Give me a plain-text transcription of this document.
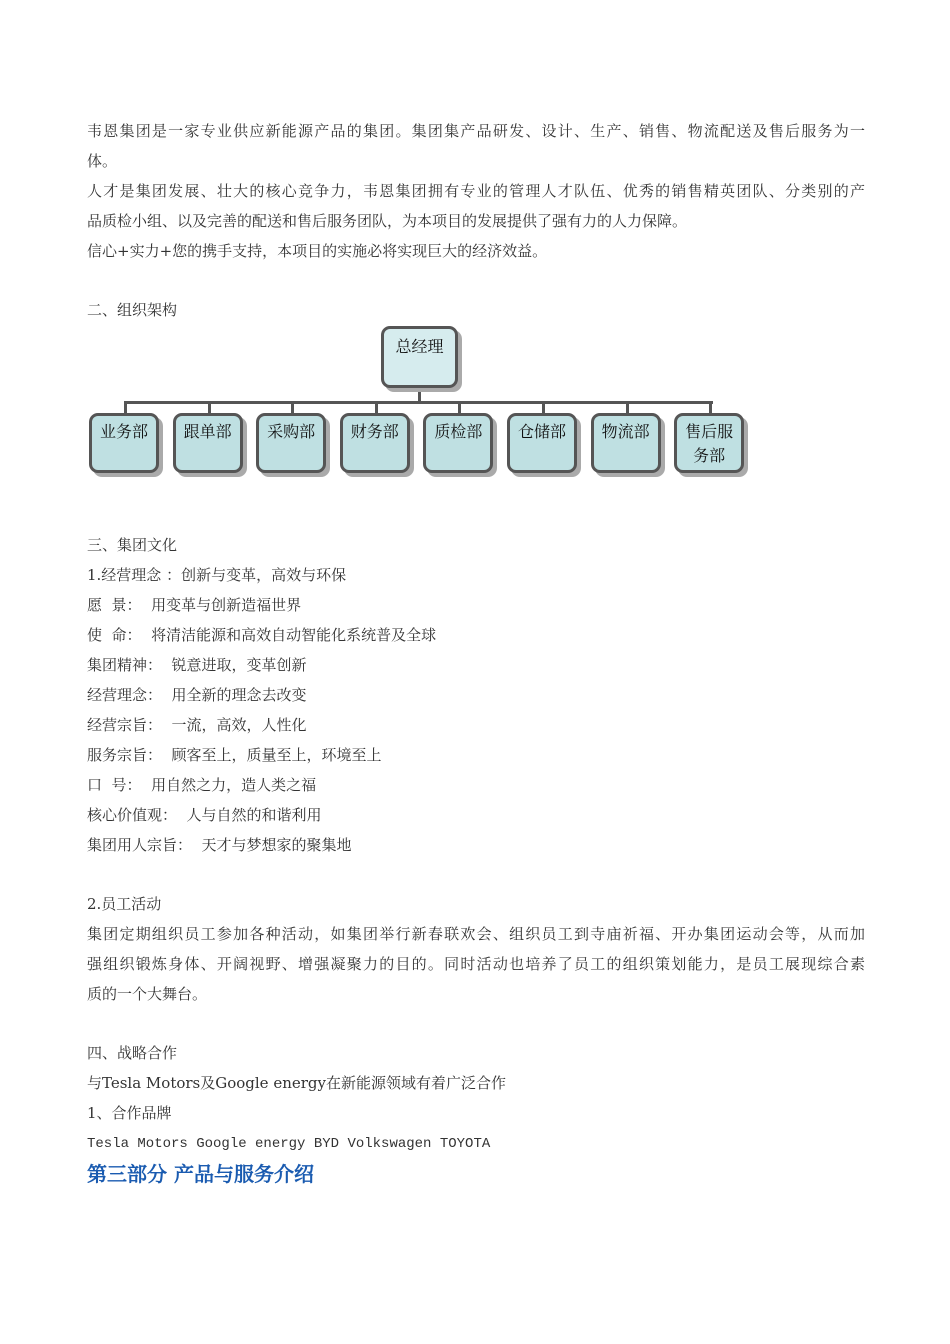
韦恩集团是一家专业供应新能源产品的集团。集团集产品研发、设计、生产、销售、物流配送及售后服务为一
体。
人才是集团发展、壮大的核心竞争力，韦恩集团拥有专业的管理人才队伍、优秀的销售精英团队、分类别的产
品质检小组、以及完善的配送和售后服务团队，为本项目的发展提供了强有力的人力保障。
信心+实力+您的携手支持，本项目的实施必将实现巨大的经济效益。
二、组织架构
总经理
业务部	跟单部	采购部	财务部	质检部	仓储部	物流部	售后服务部
三、集团文化
1.经营理念 ：创新与变革，高效与环保
愿  景：  用变革与创新造福世界
使  命：  将清洁能源和高效自动智能化系统普及全球
集团精神：  锐意进取，变革创新
经营理念：  用全新的理念去改变
经营宗旨：  一流，高效，人性化
服务宗旨：  顾客至上，质量至上，环境至上
口  号：  用自然之力，造人类之福
核心价值观：  人与自然的和谐利用
集团用人宗旨：  天才与梦想家的聚集地
2.员工活动
集团定期组织员工参加各种活动，如集团举行新春联欢会、组织员工到寺庙祈福、开办集团运动会等，从而加
强组织锻炼身体、开阔视野、增强凝聚力的目的。同时活动也培养了员工的组织策划能力，是员工展现综合素
质的一个大舞台。
四、战略合作
与Tesla Motors及Google energy在新能源领域有着广泛合作
1、合作品牌
Tesla Motors Google energy BYD Volkswagen TOYOTA
第三部分 产品与服务介绍
